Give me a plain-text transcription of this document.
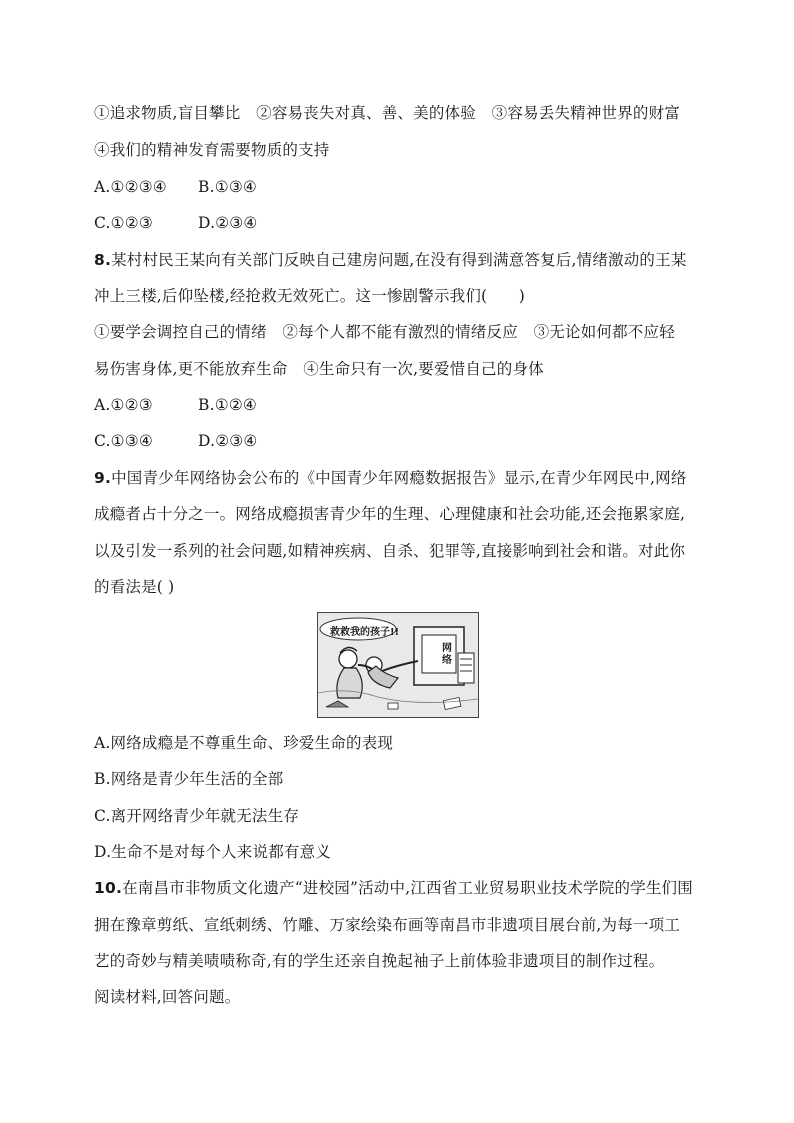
①追求物质,盲目攀比　②容易丧失对真、善、美的体验　③容易丢失精神世界的财富

④我们的精神发育需要物质的支持

A.①②③④ B.①③④

C.①②③	D.②③④

8.某村村民王某向有关部门反映自己建房问题,在没有得到满意答复后,情绪激动的王某

冲上三楼,后仰坠楼,经抢救无效死亡。这一惨剧警示我们(　　)

①要学会调控自己的情绪　②每个人都不能有激烈的情绪反应　③无论如何都不应轻

易伤害身体,更不能放弃生命　④生命只有一次,要爱惜自己的身体

A.①②③	B.①②④

C.①③④	D.②③④

9.中国青少年网络协会公布的《中国青少年网瘾数据报告》显示,在青少年网民中,网络

成瘾者占十分之一。网络成瘾损害青少年的生理、心理健康和社会功能,还会拖累家庭,

以及引发一系列的社会问题,如精神疾病、自杀、犯罪等,直接影响到社会和谐。对此你

的看法是( )

救救我的孩子!!
网络

A.网络成瘾是不尊重生命、珍爱生命的表现

B.网络是青少年生活的全部

C.离开网络青少年就无法生存

D.生命不是对每个人来说都有意义

10.在南昌市非物质文化遗产“进校园”活动中,江西省工业贸易职业技术学院的学生们围

拥在豫章剪纸、宣纸刺绣、竹雕、万家绘染布画等南昌市非遗项目展台前,为每一项工

艺的奇妙与精美啧啧称奇,有的学生还亲自挽起袖子上前体验非遗项目的制作过程。

阅读材料,回答问题。
